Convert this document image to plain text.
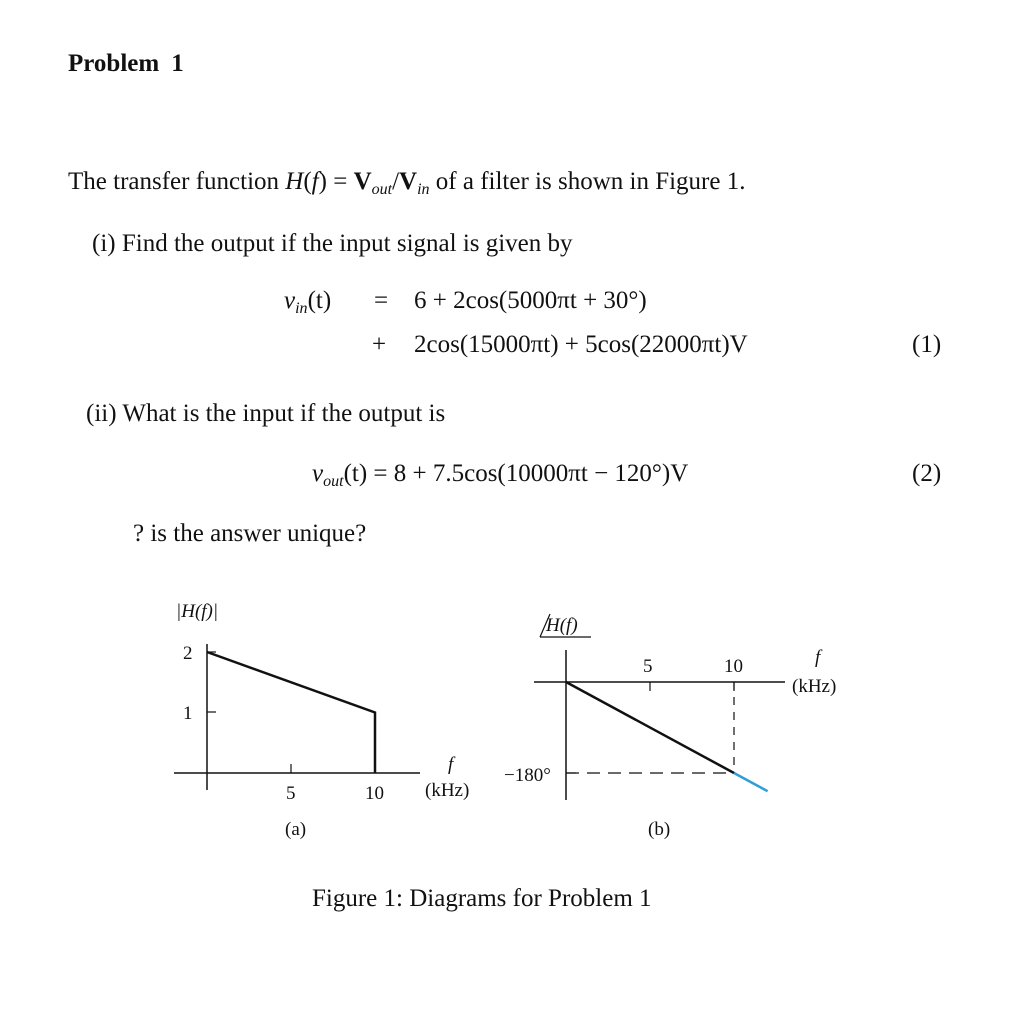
Problem 1
The transfer function $H(f) = V_{out}/V_{in}$ of a filter is shown in Figure 1.
(i) Find the output if the input signal is given by
$v_{in}(t) = 6 + 2\cos(5000\pi t + 30^\circ)$
+ 2cos(15000πt) + 5cos(22000πt)V	(1)
(ii) What is the input if the output is
$v_{out}(t) = 8 + 7.5\cos(10000\pi t - 120^\circ)V$	(2)
? is the answer unique?
|H(f)|
2
1
5	10
f
(kHz)
(a)
H(f)
5	10	f
(kHz)
−180°
(b)
Figure 1: Diagrams for Problem 1
